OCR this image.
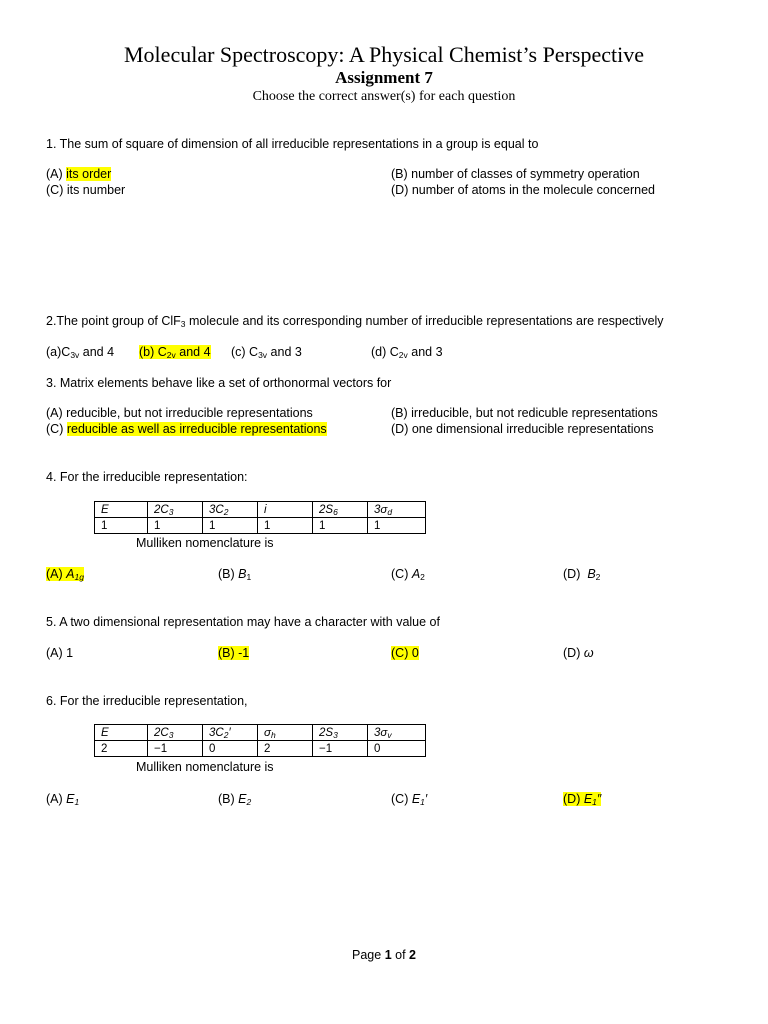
Molecular Spectroscopy: A Physical Chemist’s Perspective
Assignment 7
Choose the correct answer(s) for each question
1. The sum of square of dimension of all irreducible representations in a group is equal to
(A) its order	(B) number of classes of symmetry operation
(C) its number	(D) number of atoms in the molecule concerned
2.The point group of ClF$_3$ molecule and its corresponding number of irreducible representations are respectively
$(a)C_{3v}$ and 4 (b) $C_{2v}$ and 4 (c) $C_{3v}$ and 3	(d) $C_{2v}$ and 3
3. Matrix elements behave like a set of orthonormal vectors for
(A) reducible, but not irreducible representations	(B) irreducible, but not redicuble representations
(C) reducible as well as irreducible representations	(D) one dimensional irreducible representations
4. For the irreducible representation:
E	$2C_3$	$3C_2$	i	$2S_6$	$3\sigma_d$
1	1	1	1	1	1
Mulliken nomenclature is
(A) $A_{1g}$	(B) $B_1$	(C) $A_2$	(D)  $B_2$
5. A two dimensional representation may have a character with value of
(A) 1	(B) -1	(C) 0	(D) ω
6. For the irreducible representation,
E	$2C_3$	$3C_2'$	$\sigma_h$	$2S_3$	$3\sigma_v$
2	−1	0	2	−1	0
Mulliken nomenclature is
(A) $E_1$	(B) $E_2$	(C) $E_1'$	(D) $E_1''$
Page 1 of 2
